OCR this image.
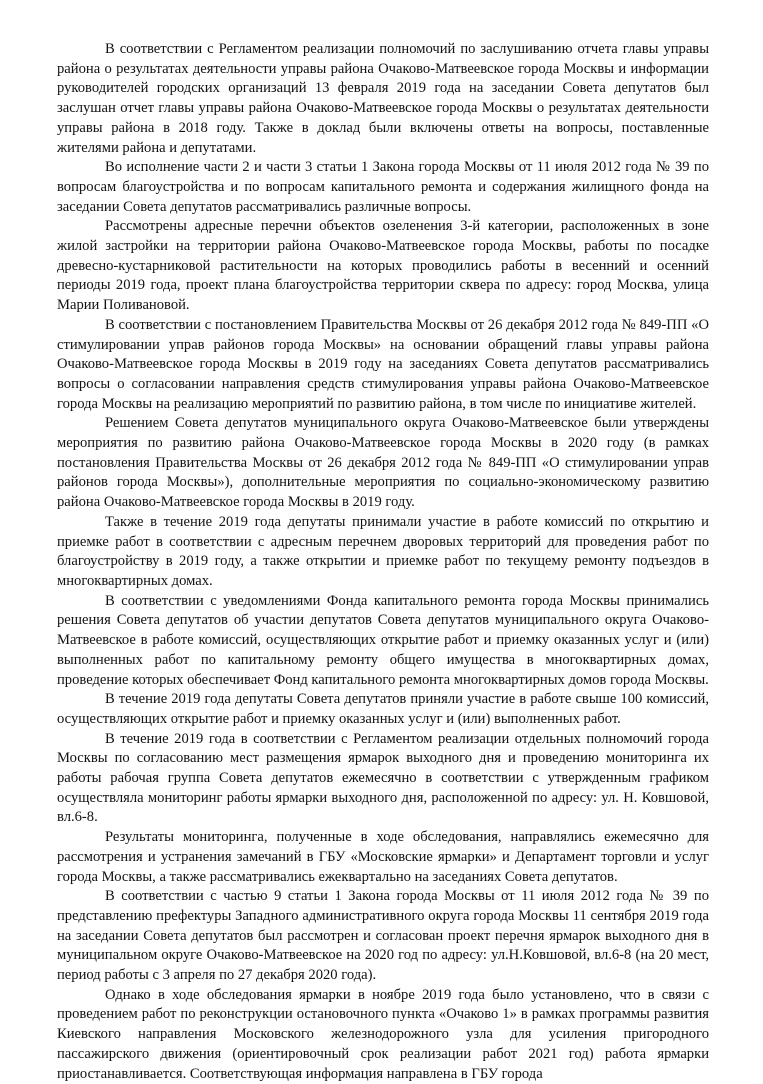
В соответствии с Регламентом реализации полномочий по заслушиванию отчета главы управы района о результатах деятельности управы района Очаково-Матвеевское города Москвы и информации руководителей городских организаций 13 февраля 2019 года на заседании Совета депутатов был заслушан отчет главы управы района Очаково-Матвеевское города Москвы о результатах деятельности управы района в 2018 году. Также в доклад были включены ответы на вопросы, поставленные жителями района и депутатами.

Во исполнение части 2 и части 3 статьи 1 Закона города Москвы от 11 июля 2012 года № 39 по вопросам благоустройства и по вопросам капитального ремонта и содержания жилищного фонда на заседании Совета депутатов рассматривались различные вопросы.

Рассмотрены адресные перечни объектов озеленения 3-й категории, расположенных в зоне жилой застройки на территории района Очаково-Матвеевское города Москвы, работы по посадке древесно-кустарниковой растительности на которых проводились работы в весенний и осенний периоды 2019 года, проект плана благоустройства территории сквера по адресу: город Москва, улица Марии Поливановой.

В соответствии с постановлением Правительства Москвы от 26 декабря 2012 года № 849-ПП «О стимулировании управ районов города Москвы» на основании обращений главы управы района Очаково-Матвеевское города Москвы в 2019 году на заседаниях Совета депутатов рассматривались вопросы о согласовании направления средств стимулирования управы района Очаково-Матвеевское города Москвы на реализацию мероприятий по развитию района, в том числе по инициативе жителей.

Решением Совета депутатов муниципального округа Очаково-Матвеевское были утверждены мероприятия по развитию района Очаково-Матвеевское города Москвы в 2020 году (в рамках постановления Правительства Москвы от 26 декабря 2012 года № 849-ПП «О стимулировании управ районов города Москвы»), дополнительные мероприятия по социально-экономическому развитию района Очаково-Матвеевское города Москвы в 2019 году.

Также в течение 2019 года депутаты принимали участие в работе комиссий по открытию и приемке работ в соответствии с адресным перечнем дворовых территорий для проведения работ по благоустройству в 2019 году, а также открытии и приемке работ по текущему ремонту подъездов в многоквартирных домах.

В соответствии с уведомлениями Фонда капитального ремонта города Москвы принимались решения Совета депутатов об участии депутатов Совета депутатов муниципального округа Очаково-Матвеевское в работе комиссий, осуществляющих открытие работ и приемку оказанных услуг и (или) выполненных работ по капитальному ремонту общего имущества в многоквартирных домах, проведение которых обеспечивает Фонд капитального ремонта многоквартирных домов города Москвы.

В течение 2019 года депутаты Совета депутатов приняли участие в работе свыше 100 комиссий, осуществляющих открытие работ и приемку оказанных услуг и (или) выполненных работ.

В течение 2019 года в соответствии с Регламентом реализации отдельных полномочий города Москвы по согласованию мест размещения ярмарок выходного дня и проведению мониторинга их работы рабочая группа Совета депутатов ежемесячно в соответствии с утвержденным графиком осуществляла мониторинг работы ярмарки выходного дня, расположенной по адресу: ул. Н. Ковшовой, вл.6-8.

Результаты мониторинга, полученные в ходе обследования, направлялись ежемесячно для рассмотрения и устранения замечаний в ГБУ «Московские ярмарки» и Департамент торговли и услуг города Москвы, а также рассматривались ежеквартально на заседаниях Совета депутатов.

В соответствии с частью 9 статьи 1 Закона города Москвы от 11 июля 2012 года № 39 по представлению префектуры Западного административного округа города Москвы 11 сентября 2019 года на заседании Совета депутатов был рассмотрен и согласован проект перечня ярмарок выходного дня в муниципальном округе Очаково-Матвеевское на 2020 год по адресу: ул.Н.Ковшовой, вл.6-8 (на 20 мест, период работы с 3 апреля по 27 декабря 2020 года).

Однако в ходе обследования ярмарки в ноябре 2019 года было установлено, что в связи с проведением работ по реконструкции остановочного пункта «Очаково 1» в рамках программы развития Киевского направления Московского железнодорожного узла для усиления пригородного пассажирского движения (ориентировочный срок реализации работ 2021 год) работа ярмарки приостанавливается. Соответствующая информация направлена в ГБУ города
